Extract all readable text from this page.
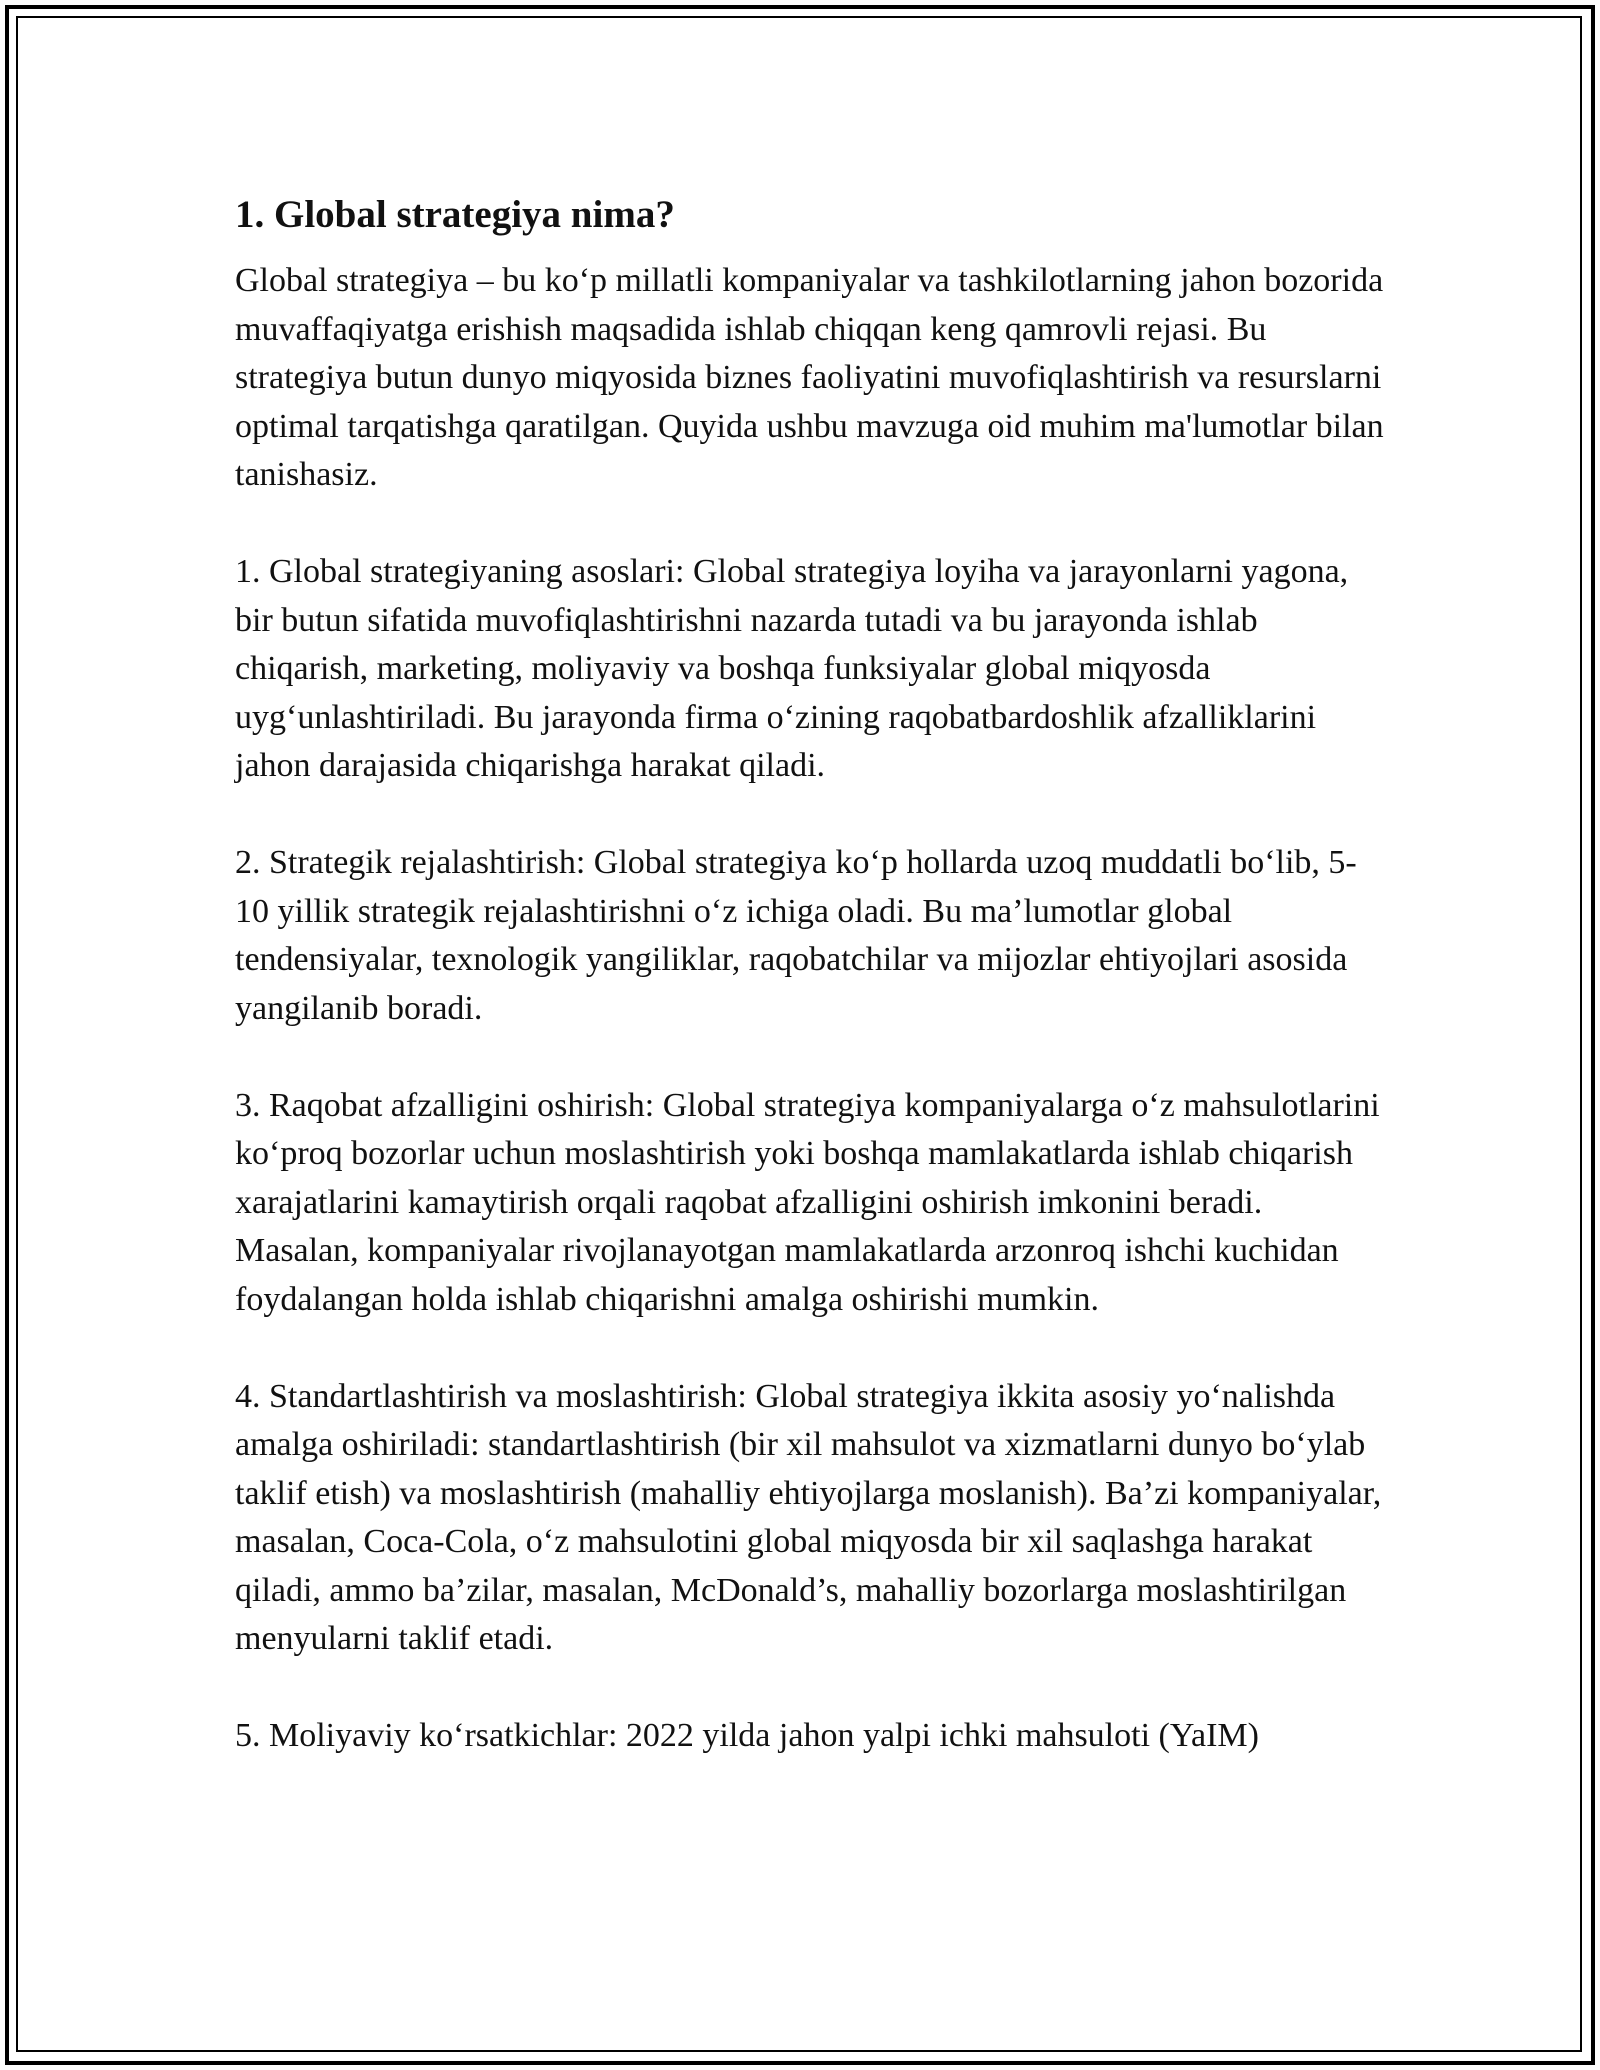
1. Global strategiya nima?

Global strategiya – bu ko‘p millatli kompaniyalar va tashkilotlarning jahon bozorida muvaffaqiyatga erishish maqsadida ishlab chiqqan keng qamrovli rejasi. Bu strategiya butun dunyo miqyosida biznes faoliyatini muvofiqlashtirish va resurslarni optimal tarqatishga qaratilgan. Quyida ushbu mavzuga oid muhim ma'lumotlar bilan tanishasiz.

1. Global strategiyaning asoslari: Global strategiya loyiha va jarayonlarni yagona, bir butun sifatida muvofiqlashtirishni nazarda tutadi va bu jarayonda ishlab chiqarish, marketing, moliyaviy va boshqa funksiyalar global miqyosda uyg‘unlashtiriladi. Bu jarayonda firma o‘zining raqobatbardoshlik afzalliklarini jahon darajasida chiqarishga harakat qiladi.

2. Strategik rejalashtirish: Global strategiya ko‘p hollarda uzoq muddatli bo‘lib, 5-10 yillik strategik rejalashtirishni o‘z ichiga oladi. Bu ma’lumotlar global tendensiyalar, texnologik yangiliklar, raqobatchilar va mijozlar ehtiyojlari asosida yangilanib boradi.

3. Raqobat afzalligini oshirish: Global strategiya kompaniyalarga o‘z mahsulotlarini ko‘proq bozorlar uchun moslashtirish yoki boshqa mamlakatlarda ishlab chiqarish xarajatlarini kamaytirish orqali raqobat afzalligini oshirish imkonini beradi. Masalan, kompaniyalar rivojlanayotgan mamlakatlarda arzonroq ishchi kuchidan foydalangan holda ishlab chiqarishni amalga oshirishi mumkin.

4. Standartlashtirish va moslashtirish: Global strategiya ikkita asosiy yo‘nalishda amalga oshiriladi: standartlashtirish (bir xil mahsulot va xizmatlarni dunyo bo‘ylab taklif etish) va moslashtirish (mahalliy ehtiyojlarga moslanish). Ba’zi kompaniyalar, masalan, Coca-Cola, o‘z mahsulotini global miqyosda bir xil saqlashga harakat qiladi, ammo ba’zilar, masalan, McDonald’s, mahalliy bozorlarga moslashtirilgan menyularni taklif etadi.

5. Moliyaviy ko‘rsatkichlar: 2022 yilda jahon yalpi ichki mahsuloti (YaIM)
